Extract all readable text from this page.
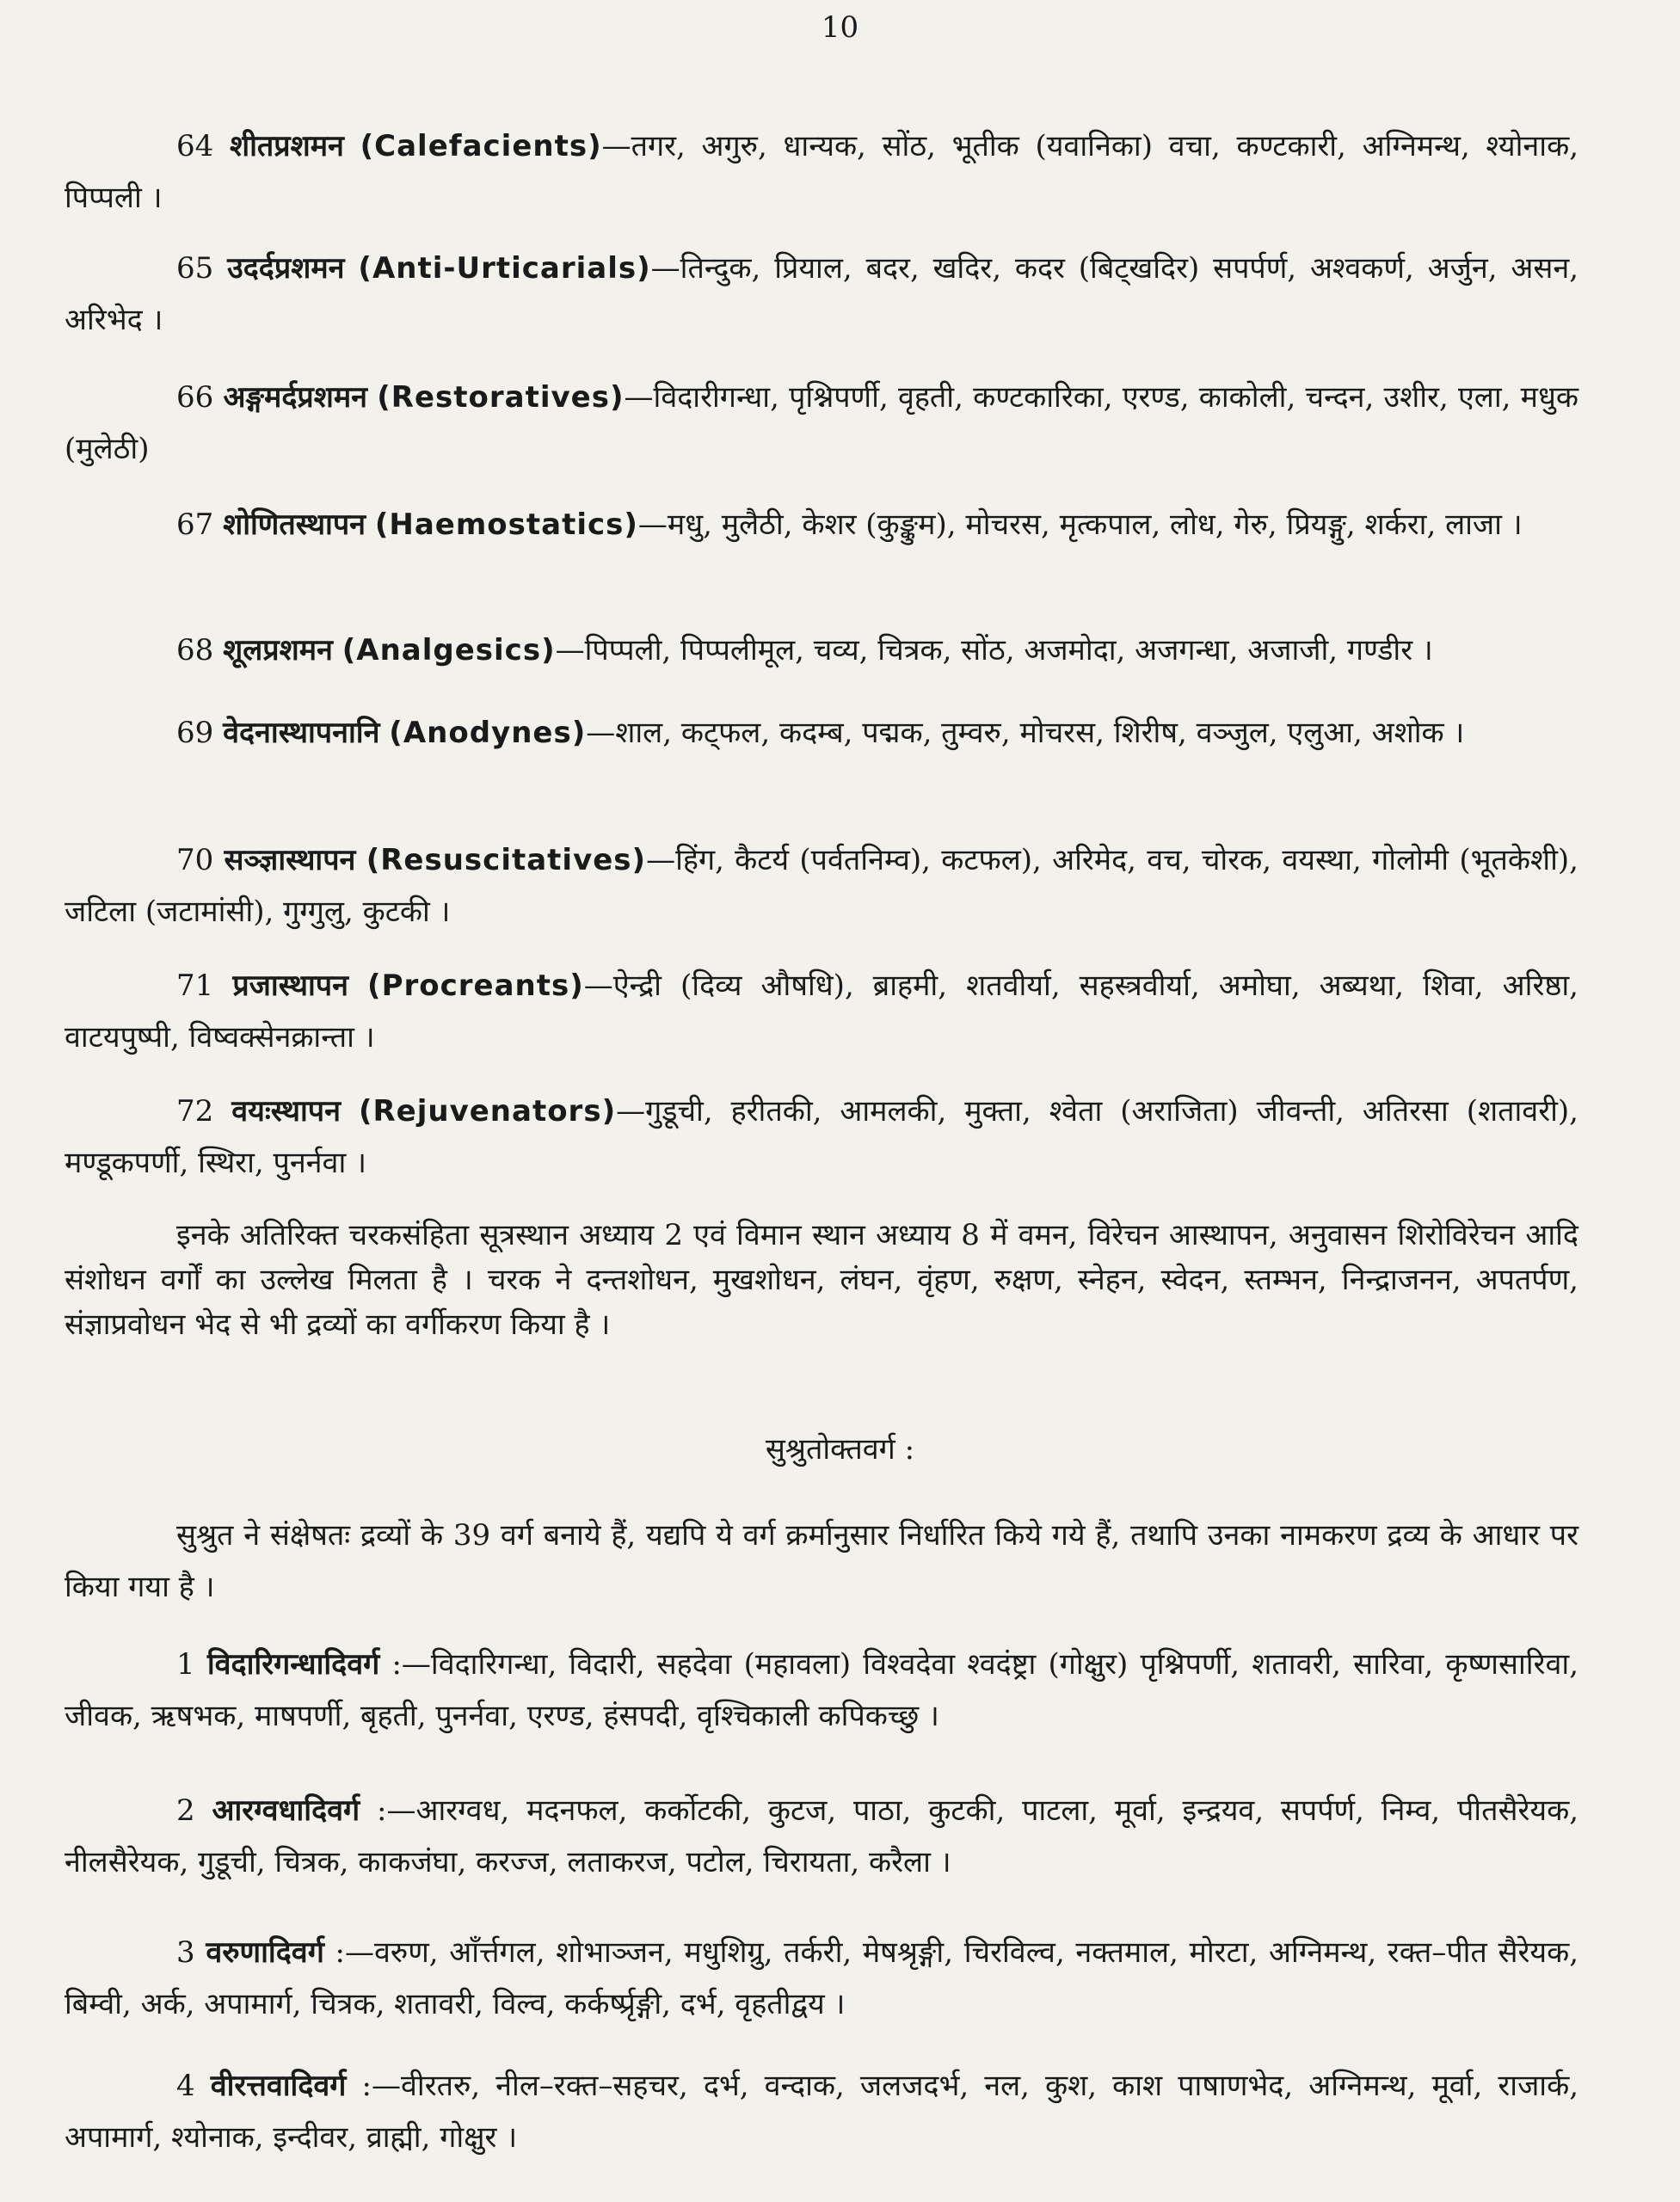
10
64 शीतप्रशमन (Calefacients)—तगर, अगुरु, धान्यक, सोंठ, भूतीक (यवानिका) वचा, कण्टकारी, अग्निमन्थ, श्योनाक, पिप्पली ।
65 उदर्दप्रशमन (Anti-Urticarials)—तिन्दुक, प्रियाल, बदर, खदिर, कदर (बिट्खदिर) सपर्पर्ण, अश्वकर्ण, अर्जुन, असन, अरिभेद ।
66 अङ्गमर्दप्रशमन (Restoratives)—विदारीगन्धा, पृश्निपर्णी, वृहती, कण्टकारिका, एरण्ड, काकोली, चन्दन, उशीर, एला, मधुक (मुलेठी)
67 शोणितस्थापन (Haemostatics)—मधु, मुलैठी, केशर (कुङ्कुम), मोचरस, मृत्कपाल, लोध, गेरु, प्रियङ्गु, शर्करा, लाजा ।
68 शूलप्रशमन (Analgesics)—पिप्पली, पिप्पलीमूल, चव्य, चित्रक, सोंठ, अजमोदा, अजगन्धा, अजाजी, गण्डीर ।
69 वेदनास्थापनानि (Anodynes)—शाल, कट्फल, कदम्ब, पद्मक, तुम्वरु, मोचरस, शिरीष, वञ्जुल, एलुआ, अशोक ।
70 सञ्ज्ञास्थापन (Resuscitatives)—हिंग, कैटर्य (पर्वतनिम्व), कटफल), अरिमेद, वच, चोरक, वयस्था, गोलोमी (भूतकेशी), जटिला (जटामांसी), गुग्गुलु, कुटकी ।
71 प्रजास्थापन (Procreants)—ऐन्द्री (दिव्य औषधि), ब्राहमी, शतवीर्या, सहस्त्रवीर्या, अमोघा, अब्यथा, शिवा, अरिष्ठा, वाटयपुष्पी, विष्वक्सेनक्रान्ता ।
72 वयःस्थापन (Rejuvenators)—गुडूची, हरीतकी, आमलकी, मुक्ता, श्वेता (अराजिता) जीवन्ती, अतिरसा (शतावरी), मण्डूकपर्णी, स्थिरा, पुनर्नवा ।
इनके अतिरिक्त चरकसंहिता सूत्रस्थान अध्याय 2 एवं विमान स्थान अध्याय 8 में वमन, विरेचन आस्थापन, अनुवासन शिरोविरेचन आदि संशोधन वर्गों का उल्लेख मिलता है । चरक ने दन्तशोधन, मुखशोधन, लंघन, वृंहण, रुक्षण, स्नेहन, स्वेदन, स्तम्भन, निन्द्राजनन, अपतर्पण, संज्ञाप्रवोधन भेद से भी द्रव्यों का वर्गीकरण किया है ।
सुश्रुतोक्तवर्ग :
सुश्रुत ने संक्षेषतः द्रव्यों के 39 वर्ग बनाये हैं, यद्यपि ये वर्ग क्रर्मानुसार निर्धारित किये गये हैं, तथापि उनका नामकरण द्रव्य के आधार पर किया गया है ।
1 विदारिगन्धादिवर्ग :—विदारिगन्धा, विदारी, सहदेवा (महावला) विश्वदेवा श्वदंष्ट्रा (गोक्षुर) पृश्निपर्णी, शतावरी, सारिवा, कृष्णसारिवा, जीवक, ऋषभक, माषपर्णी, बृहती, पुनर्नवा, एरण्ड, हंसपदी, वृश्चिकाली कपिकच्छु ।
2 आरग्वधादिवर्ग :—आरग्वध, मदनफल, कर्कोटकी, कुटज, पाठा, कुटकी, पाटला, मूर्वा, इन्द्रयव, सपर्पर्ण, निम्व, पीतसैरेयक, नीलसैरेयक, गुडूची, चित्रक, काकजंघा, करज्ज, लताकरज, पटोल, चिरायता, करैला ।
3 वरुणादिवर्ग :—वरुण, आँर्त्तगल, शोभाञ्जन, मधुशिग्रु, तर्करी, मेषश्रृङ्गी, चिरविल्व, नक्तमाल, मोरटा, अग्निमन्थ, रक्त–पीत सैरेयक, बिम्वी, अर्क, अपामार्ग, चित्रक, शतावरी, विल्व, कर्कर्ष्प्रृङ्गी, दर्भ, वृहतीद्वय ।
4 वीरत्तवादिवर्ग :—वीरतरु, नील–रक्त–सहचर, दर्भ, वन्दाक, जलजदर्भ, नल, कुश, काश पाषाणभेद, अग्निमन्थ, मूर्वा, राजार्क, अपामार्ग, श्योनाक, इन्दीवर, व्राह्मी, गोक्षुर ।
